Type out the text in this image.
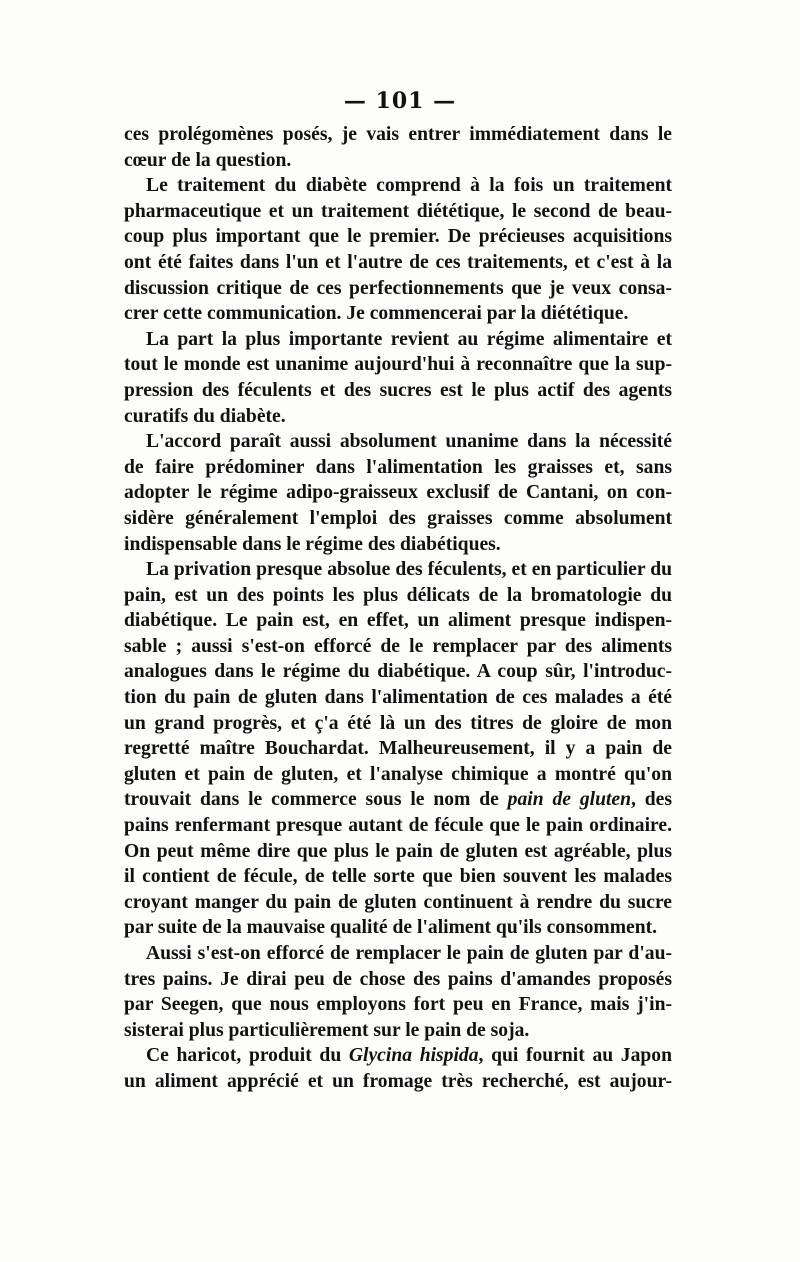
— 101 —
ces prolégomènes posés, je vais entrer immédiatement dans le
cœur de la question.
Le traitement du diabète comprend à la fois un traitement
pharmaceutique et un traitement diététique, le second de beau-
coup plus important que le premier. De précieuses acquisitions
ont été faites dans l'un et l'autre de ces traitements, et c'est à la
discussion critique de ces perfectionnements que je veux consa-
crer cette communication. Je commencerai par la diététique.
La part la plus importante revient au régime alimentaire et
tout le monde est unanime aujourd'hui à reconnaître que la sup-
pression des féculents et des sucres est le plus actif des agents
curatifs du diabète.
L'accord paraît aussi absolument unanime dans la nécessité
de faire prédominer dans l'alimentation les graisses et, sans
adopter le régime adipo-graisseux exclusif de Cantani, on con-
sidère généralement l'emploi des graisses comme absolument
indispensable dans le régime des diabétiques.
La privation presque absolue des féculents, et en particulier du
pain, est un des points les plus délicats de la bromatologie du
diabétique. Le pain est, en effet, un aliment presque indispen-
sable ; aussi s'est-on efforcé de le remplacer par des aliments
analogues dans le régime du diabétique. A coup sûr, l'introduc-
tion du pain de gluten dans l'alimentation de ces malades a été
un grand progrès, et ç'a été là un des titres de gloire de mon
regretté maître Bouchardat. Malheureusement, il y a pain de
gluten et pain de gluten, et l'analyse chimique a montré qu'on
trouvait dans le commerce sous le nom de pain de gluten, des
pains renfermant presque autant de fécule que le pain ordinaire.
On peut même dire que plus le pain de gluten est agréable, plus
il contient de fécule, de telle sorte que bien souvent les malades
croyant manger du pain de gluten continuent à rendre du sucre
par suite de la mauvaise qualité de l'aliment qu'ils consomment.
Aussi s'est-on efforcé de remplacer le pain de gluten par d'au-
tres pains. Je dirai peu de chose des pains d'amandes proposés
par Seegen, que nous employons fort peu en France, mais j'in-
sisterai plus particulièrement sur le pain de soja.
Ce haricot, produit du Glycina hispida, qui fournit au Japon
un aliment apprécié et un fromage très recherché, est aujour-
